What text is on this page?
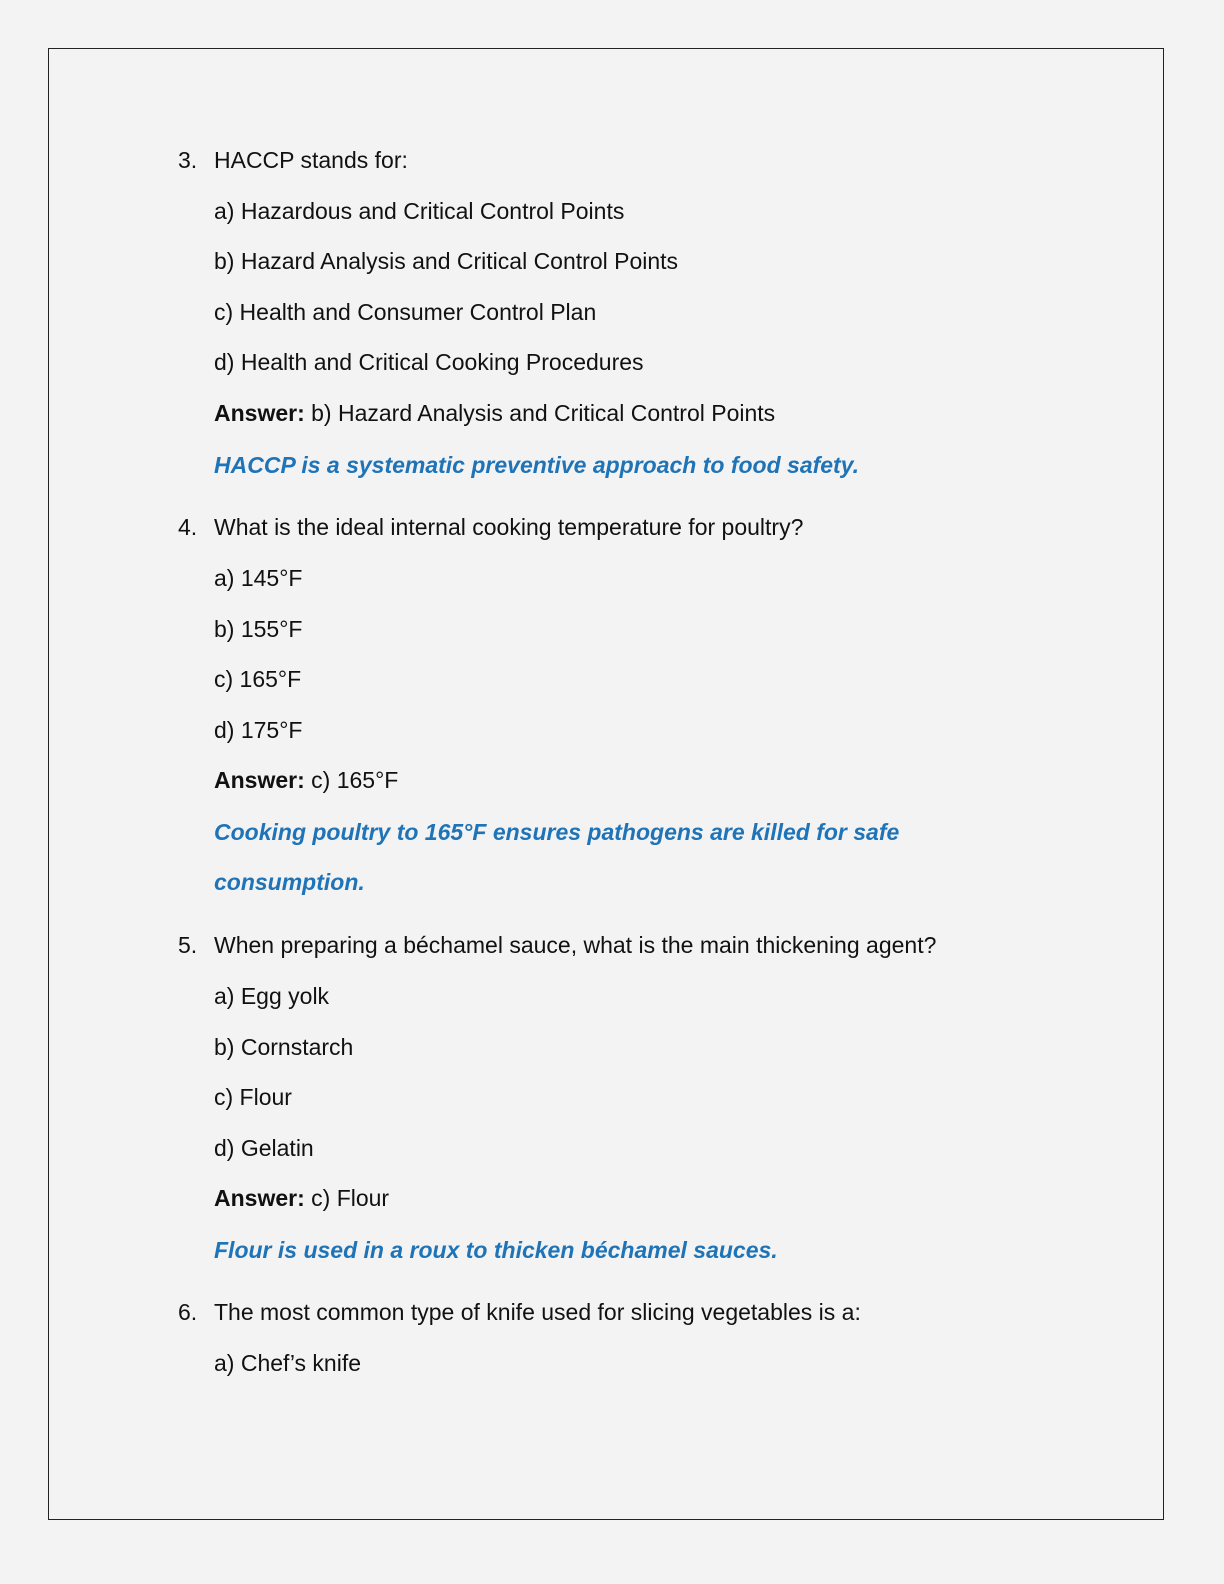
3. HACCP stands for:
a) Hazardous and Critical Control Points
b) Hazard Analysis and Critical Control Points
c) Health and Consumer Control Plan
d) Health and Critical Cooking Procedures
Answer: b) Hazard Analysis and Critical Control Points
HACCP is a systematic preventive approach to food safety.
4. What is the ideal internal cooking temperature for poultry?
a) 145°F
b) 155°F
c) 165°F
d) 175°F
Answer: c) 165°F
Cooking poultry to 165°F ensures pathogens are killed for safe
consumption.
5. When preparing a béchamel sauce, what is the main thickening agent?
a) Egg yolk
b) Cornstarch
c) Flour
d) Gelatin
Answer: c) Flour
Flour is used in a roux to thicken béchamel sauces.
6. The most common type of knife used for slicing vegetables is a:
a) Chef’s knife
